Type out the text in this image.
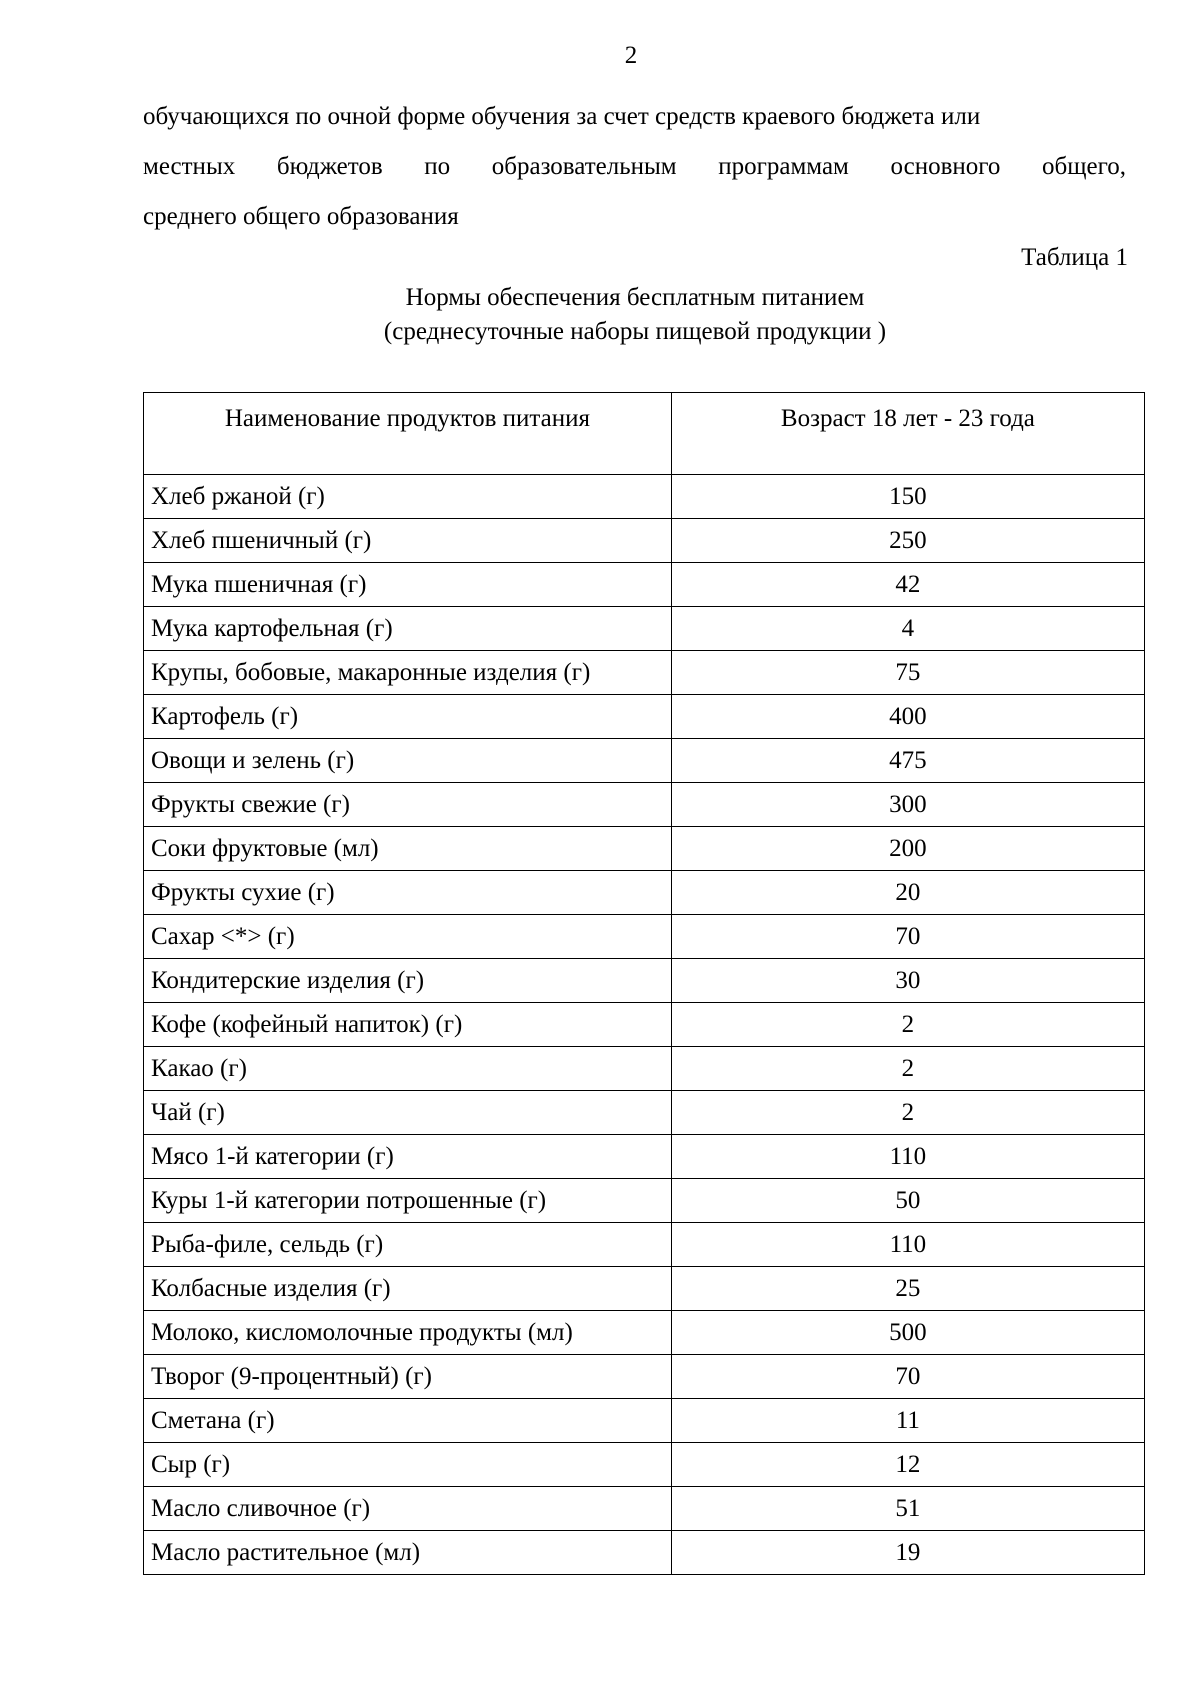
2
обучающихся по очной форме обучения за счет средств краевого бюджета или
местных бюджетов по образовательным программам основного общего,
среднего общего образования
Таблица 1
Нормы обеспечения бесплатным питанием
(среднесуточные наборы пищевой продукции )
Наименование продуктов питания	Возраст 18 лет - 23 года
Хлеб ржаной (г)	150
Хлеб пшеничный (г)	250
Мука пшеничная (г)	42
Мука картофельная (г)	4
Крупы, бобовые, макаронные изделия (г)	75
Картофель (г)	400
Овощи и зелень (г)	475
Фрукты свежие (г)	300
Соки фруктовые (мл)	200
Фрукты сухие (г)	20
Сахар <*> (г)	70
Кондитерские изделия (г)	30
Кофе (кофейный напиток) (г)	2
Какао (г)	2
Чай (г)	2
Мясо 1-й категории (г)	110
Куры 1-й категории потрошенные (г)	50
Рыба-филе, сельдь (г)	110
Колбасные изделия (г)	25
Молоко, кисломолочные продукты (мл)	500
Творог (9-процентный) (г)	70
Сметана (г)	11
Сыр (г)	12
Масло сливочное (г)	51
Масло растительное (мл)	19
